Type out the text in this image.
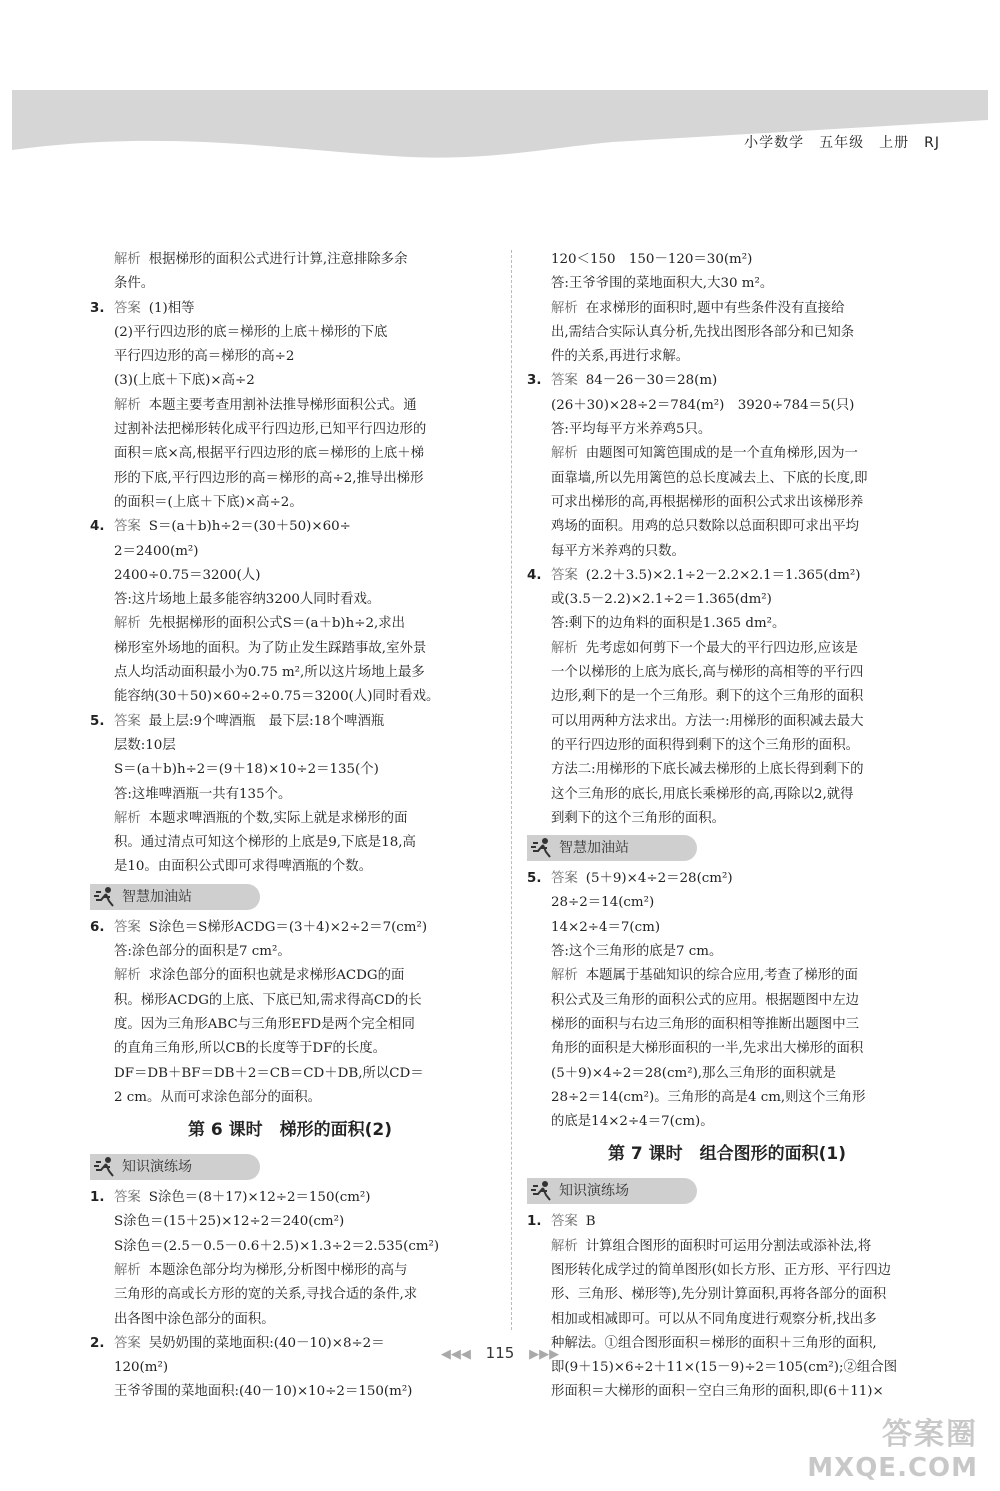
小学数学　五年级　上册　RJ
解析 根据梯形的面积公式进行计算,注意排除多余
条件。
3. 答案 (1)相等
(2)平行四边形的底＝梯形的上底＋梯形的下底
平行四边形的高＝梯形的高÷2
(3)(上底＋下底)×高÷2
解析 本题主要考查用割补法推导梯形面积公式。通
过割补法把梯形转化成平行四边形,已知平行四边形的
面积＝底×高,根据平行四边形的底＝梯形的上底＋梯
形的下底,平行四边形的高＝梯形的高÷2,推导出梯形
的面积＝(上底＋下底)×高÷2。
4. 答案 S＝(a＋b)h÷2＝(30＋50)×60÷
2＝2400(m²)
2400÷0.75＝3200(人)
答:这片场地上最多能容纳3200人同时看戏。
解析 先根据梯形的面积公式S＝(a＋b)h÷2,求出
梯形室外场地的面积。为了防止发生踩踏事故,室外景
点人均活动面积最小为0.75 m²,所以这片场地上最多
能容纳(30＋50)×60÷2÷0.75＝3200(人)同时看戏。
5. 答案 最上层:9个啤酒瓶　最下层:18个啤酒瓶
层数:10层
S＝(a＋b)h÷2＝(9＋18)×10÷2＝135(个)
答:这堆啤酒瓶一共有135个。
解析 本题求啤酒瓶的个数,实际上就是求梯形的面
积。通过清点可知这个梯形的上底是9,下底是18,高
是10。由面积公式即可求得啤酒瓶的个数。
智慧加油站
6. 答案 S涂色＝S梯形ACDG＝(3＋4)×2÷2＝7(cm²)
答:涂色部分的面积是7 cm²。
解析 求涂色部分的面积也就是求梯形ACDG的面
积。梯形ACDG的上底、下底已知,需求得高CD的长
度。因为三角形ABC与三角形EFD是两个完全相同
的直角三角形,所以CB的长度等于DF的长度。
DF＝DB＋BF＝DB＋2＝CB＝CD＋DB,所以CD＝
2 cm。从而可求涂色部分的面积。
第 6 课时　梯形的面积(2)
知识演练场
1. 答案 S涂色＝(8＋17)×12÷2＝150(cm²)
S涂色＝(15＋25)×12÷2＝240(cm²)
S涂色＝(2.5－0.5－0.6＋2.5)×1.3÷2＝2.535(cm²)
解析 本题涂色部分均为梯形,分析图中梯形的高与
三角形的高或长方形的宽的关系,寻找合适的条件,求
出各图中涂色部分的面积。
2. 答案 吴奶奶围的菜地面积:(40－10)×8÷2＝
120(m²)
王爷爷围的菜地面积:(40－10)×10÷2＝150(m²)
120＜150　150－120＝30(m²)
答:王爷爷围的菜地面积大,大30 m²。
解析 在求梯形的面积时,题中有些条件没有直接给
出,需结合实际认真分析,先找出图形各部分和已知条
件的关系,再进行求解。
3. 答案 84－26－30＝28(m)
(26＋30)×28÷2＝784(m²)　3920÷784＝5(只)
答:平均每平方米养鸡5只。
解析 由题图可知篱笆围成的是一个直角梯形,因为一
面靠墙,所以先用篱笆的总长度减去上、下底的长度,即
可求出梯形的高,再根据梯形的面积公式求出该梯形养
鸡场的面积。用鸡的总只数除以总面积即可求出平均
每平方米养鸡的只数。
4. 答案 (2.2＋3.5)×2.1÷2－2.2×2.1＝1.365(dm²)
或(3.5－2.2)×2.1÷2＝1.365(dm²)
答:剩下的边角料的面积是1.365 dm²。
解析 先考虑如何剪下一个最大的平行四边形,应该是
一个以梯形的上底为底长,高与梯形的高相等的平行四
边形,剩下的是一个三角形。剩下的这个三角形的面积
可以用两种方法求出。方法一:用梯形的面积减去最大
的平行四边形的面积得到剩下的这个三角形的面积。
方法二:用梯形的下底长减去梯形的上底长得到剩下的
这个三角形的底长,用底长乘梯形的高,再除以2,就得
到剩下的这个三角形的面积。
智慧加油站
5. 答案 (5＋9)×4÷2＝28(cm²)
28÷2＝14(cm²)
14×2÷4＝7(cm)
答:这个三角形的底是7 cm。
解析 本题属于基础知识的综合应用,考查了梯形的面
积公式及三角形的面积公式的应用。根据题图中左边
梯形的面积与右边三角形的面积相等推断出题图中三
角形的面积是大梯形面积的一半,先求出大梯形的面积
(5＋9)×4÷2＝28(cm²),那么三角形的面积就是
28÷2＝14(cm²)。三角形的高是4 cm,则这个三角形
的底是14×2÷4＝7(cm)。
第 7 课时　组合图形的面积(1)
知识演练场
1. 答案 B
解析 计算组合图形的面积时可运用分割法或添补法,将
图形转化成学过的简单图形(如长方形、正方形、平行四边
形、三角形、梯形等),先分别计算面积,再将各部分的面积
相加或相减即可。可以从不同角度进行观察分析,找出多
种解法。①组合图形面积＝梯形的面积＋三角形的面积,
即(9＋15)×6÷2＋11×(15－9)÷2＝105(cm²);②组合图
形面积＝大梯形的面积－空白三角形的面积,即(6＋11)×
◀◀◀ 115 ▶▶▶
答案圈
MXQE.COM
